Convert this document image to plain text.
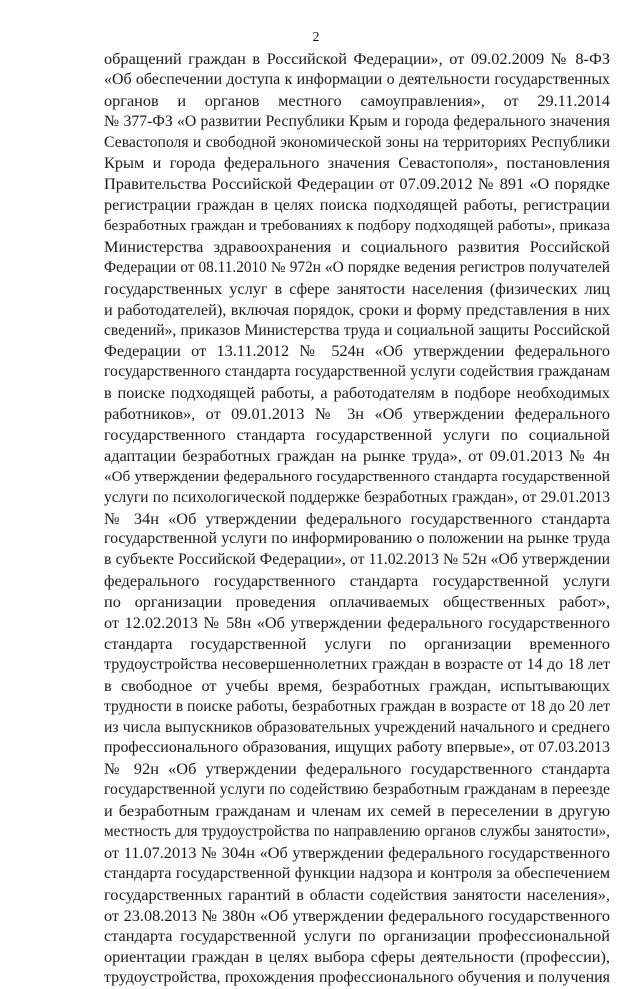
2
обращений граждан в Российской Федерации», от 09.02.2009 № 8-ФЗ
«Об обеспечении доступа к информации о деятельности государственных
органов и органов местного самоуправления», от 29.11.2014
№ 377-ФЗ «О развитии Республики Крым и города федерального значения
Севастополя и свободной экономической зоны на территориях Республики
Крым и города федерального значения Севастополя», постановления
Правительства Российской Федерации от 07.09.2012 № 891 «О порядке
регистрации граждан в целях поиска подходящей работы, регистрации
безработных граждан и требованиях к подбору подходящей работы», приказа
Министерства здравоохранения и социального развития Российской
Федерации от 08.11.2010 № 972н «О порядке ведения регистров получателей
государственных услуг в сфере занятости населения (физических лиц
и работодателей), включая порядок, сроки и форму представления в них
сведений», приказов Министерства труда и социальной защиты Российской
Федерации от 13.11.2012 № 524н «Об утверждении федерального
государственного стандарта государственной услуги содействия гражданам
в поиске подходящей работы, а работодателям в подборе необходимых
работников», от 09.01.2013 № 3н «Об утверждении федерального
государственного стандарта государственной услуги по социальной
адаптации безработных граждан на рынке труда», от 09.01.2013 № 4н
«Об утверждении федерального государственного стандарта государственной
услуги по психологической поддержке безработных граждан», от 29.01.2013
№ 34н «Об утверждении федерального государственного стандарта
государственной услуги по информированию о положении на рынке труда
в субъекте Российской Федерации», от 11.02.2013 № 52н «Об утверждении
федерального государственного стандарта государственной услуги
по организации проведения оплачиваемых общественных работ»,
от 12.02.2013 № 58н «Об утверждении федерального государственного
стандарта государственной услуги по организации временного
трудоустройства несовершеннолетних граждан в возрасте от 14 до 18 лет
в свободное от учебы время, безработных граждан, испытывающих
трудности в поиске работы, безработных граждан в возрасте от 18 до 20 лет
из числа выпускников образовательных учреждений начального и среднего
профессионального образования, ищущих работу впервые», от 07.03.2013
№ 92н «Об утверждении федерального государственного стандарта
государственной услуги по содействию безработным гражданам в переезде
и безработным гражданам и членам их семей в переселении в другую
местность для трудоустройства по направлению органов службы занятости»,
от 11.07.2013 № 304н «Об утверждении федерального государственного
стандарта государственной функции надзора и контроля за обеспечением
государственных гарантий в области содействия занятости населения»,
от 23.08.2013 № 380н «Об утверждении федерального государственного
стандарта государственной услуги по организации профессиональной
ориентации граждан в целях выбора сферы деятельности (профессии),
трудоустройства, прохождения профессионального обучения и получения
